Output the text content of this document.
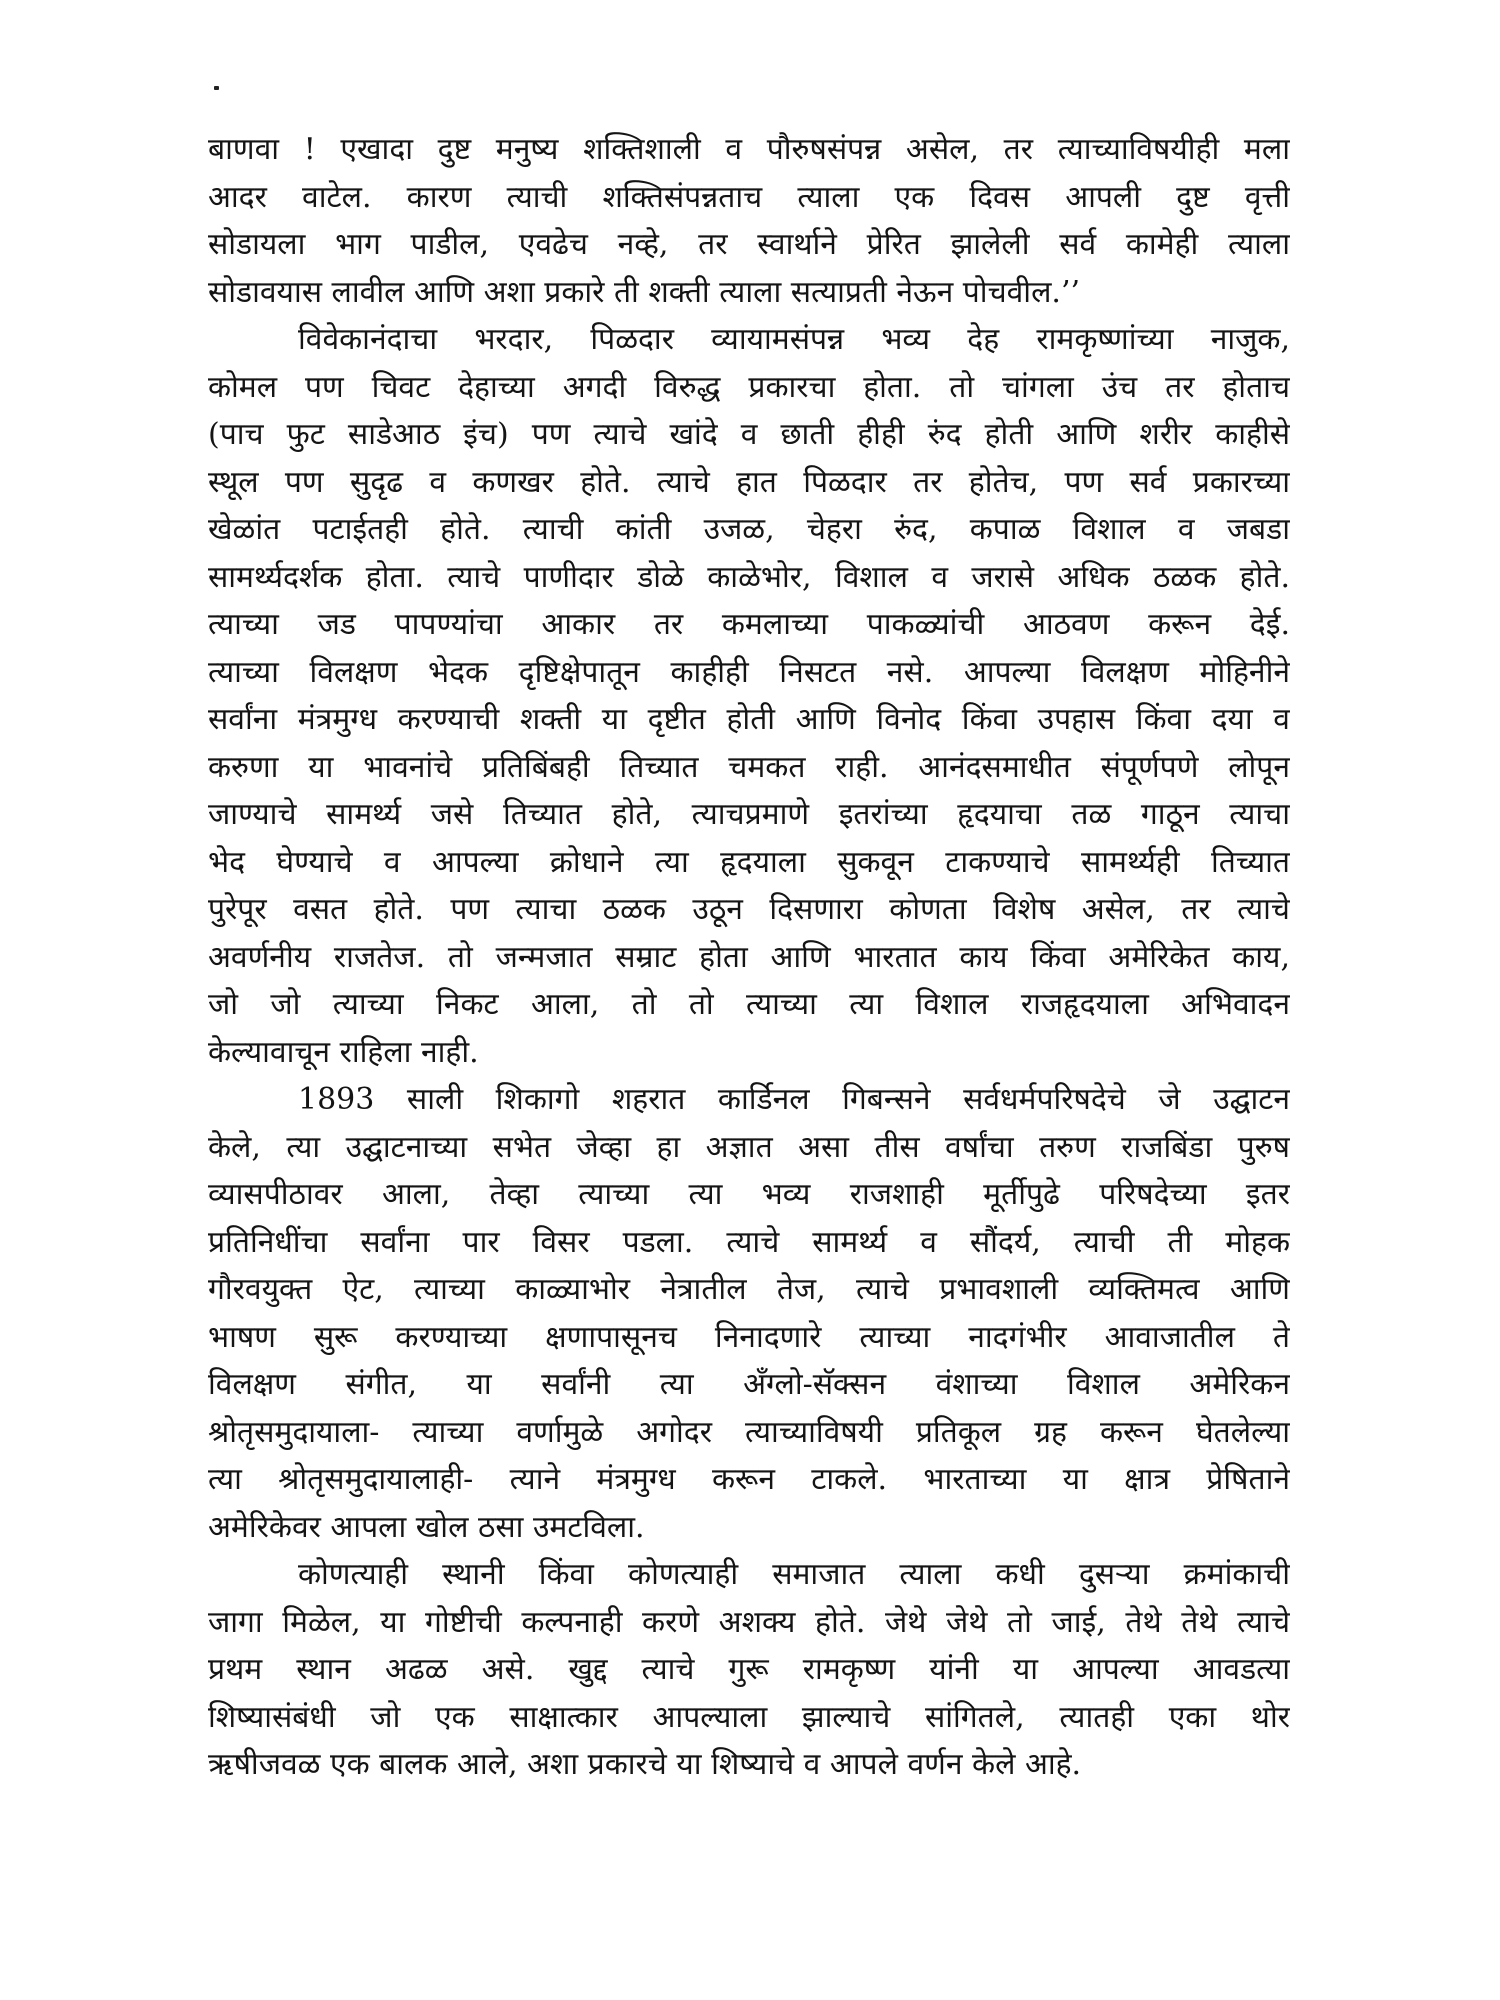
बाणवा ! एखादा दुष्ट मनुष्य शक्तिशाली व पौरुषसंपन्न असेल, तर त्याच्याविषयीही मला
आदर वाटेल. कारण त्याची शक्तिसंपन्नताच त्याला एक दिवस आपली दुष्ट वृत्ती
सोडायला भाग पाडील, एवढेच नव्हे, तर स्वार्थाने प्रेरित झालेली सर्व कामेही त्याला
सोडावयास लावील आणि अशा प्रकारे ती शक्ती त्याला सत्याप्रती नेऊन पोचवील.’’
विवेकानंदाचा भरदार, पिळदार व्यायामसंपन्न भव्य देह रामकृष्णांच्या नाजुक,
कोमल पण चिवट देहाच्या अगदी विरुद्ध प्रकारचा होता. तो चांगला उंच तर होताच
(पाच फुट साडेआठ इंच) पण त्याचे खांदे व छाती हीही रुंद होती आणि शरीर काहीसे
स्थूल पण सुदृढ व कणखर होते. त्याचे हात पिळदार तर होतेच, पण सर्व प्रकारच्या
खेळांत पटाईतही होते. त्याची कांती उजळ, चेहरा रुंद, कपाळ विशाल व जबडा
सामर्थ्यदर्शक होता. त्याचे पाणीदार डोळे काळेभोर, विशाल व जरासे अधिक ठळक होते.
त्याच्या जड पापण्यांचा आकार तर कमलाच्या पाकळ्यांची आठवण करून देई.
त्याच्या विलक्षण भेदक दृष्टिक्षेपातून काहीही निसटत नसे. आपल्या विलक्षण मोहिनीने
सर्वांना मंत्रमुग्ध करण्याची शक्ती या दृष्टीत होती आणि विनोद किंवा उपहास किंवा दया व
करुणा या भावनांचे प्रतिबिंबही तिच्यात चमकत राही. आनंदसमाधीत संपूर्णपणे लोपून
जाण्याचे सामर्थ्य जसे तिच्यात होते, त्याचप्रमाणे इतरांच्या हृदयाचा तळ गाठून त्याचा
भेद घेण्याचे व आपल्या क्रोधाने त्या हृदयाला सुकवून टाकण्याचे सामर्थ्यही तिच्यात
पुरेपूर वसत होते. पण त्याचा ठळक उठून दिसणारा कोणता विशेष असेल, तर त्याचे
अवर्णनीय राजतेज. तो जन्मजात सम्राट होता आणि भारतात काय किंवा अमेरिकेत काय,
जो जो त्याच्या निकट आला, तो तो त्याच्या त्या विशाल राजहृदयाला अभिवादन
केल्यावाचून राहिला नाही.
1893 साली शिकागो शहरात कार्डिनल गिबन्सने सर्वधर्मपरिषदेचे जे उद्घाटन
केले, त्या उद्घाटनाच्या सभेत जेव्हा हा अज्ञात असा तीस वर्षांचा तरुण राजबिंडा पुरुष
व्यासपीठावर आला, तेव्हा त्याच्या त्या भव्य राजशाही मूर्तीपुढे परिषदेच्या इतर
प्रतिनिधींचा सर्वांना पार विसर पडला. त्याचे सामर्थ्य व सौंदर्य, त्याची ती मोहक
गौरवयुक्त ऐट, त्याच्या काळ्याभोर नेत्रातील तेज, त्याचे प्रभावशाली व्यक्तिमत्व आणि
भाषण सुरू करण्याच्या क्षणापासूनच निनादणारे त्याच्या नादगंभीर आवाजातील ते
विलक्षण संगीत, या सर्वांनी त्या अँग्लो-सॅक्सन वंशाच्या विशाल अमेरिकन
श्रोतृसमुदायाला- त्याच्या वर्णामुळे अगोदर त्याच्याविषयी प्रतिकूल ग्रह करून घेतलेल्या
त्या श्रोतृसमुदायालाही- त्याने मंत्रमुग्ध करून टाकले. भारताच्या या क्षात्र प्रेषिताने
अमेरिकेवर आपला खोल ठसा उमटविला.
कोणत्याही स्थानी किंवा कोणत्याही समाजात त्याला कधी दुसऱ्या क्रमांकाची
जागा मिळेल, या गोष्टीची कल्पनाही करणे अशक्य होते. जेथे जेथे तो जाई, तेथे तेथे त्याचे
प्रथम स्थान अढळ असे. खुद्द त्याचे गुरू रामकृष्ण यांनी या आपल्या आवडत्या
शिष्यासंबंधी जो एक साक्षात्कार आपल्याला झाल्याचे सांगितले, त्यातही एका थोर
ऋषीजवळ एक बालक आले, अशा प्रकारचे या शिष्याचे व आपले वर्णन केले आहे.
